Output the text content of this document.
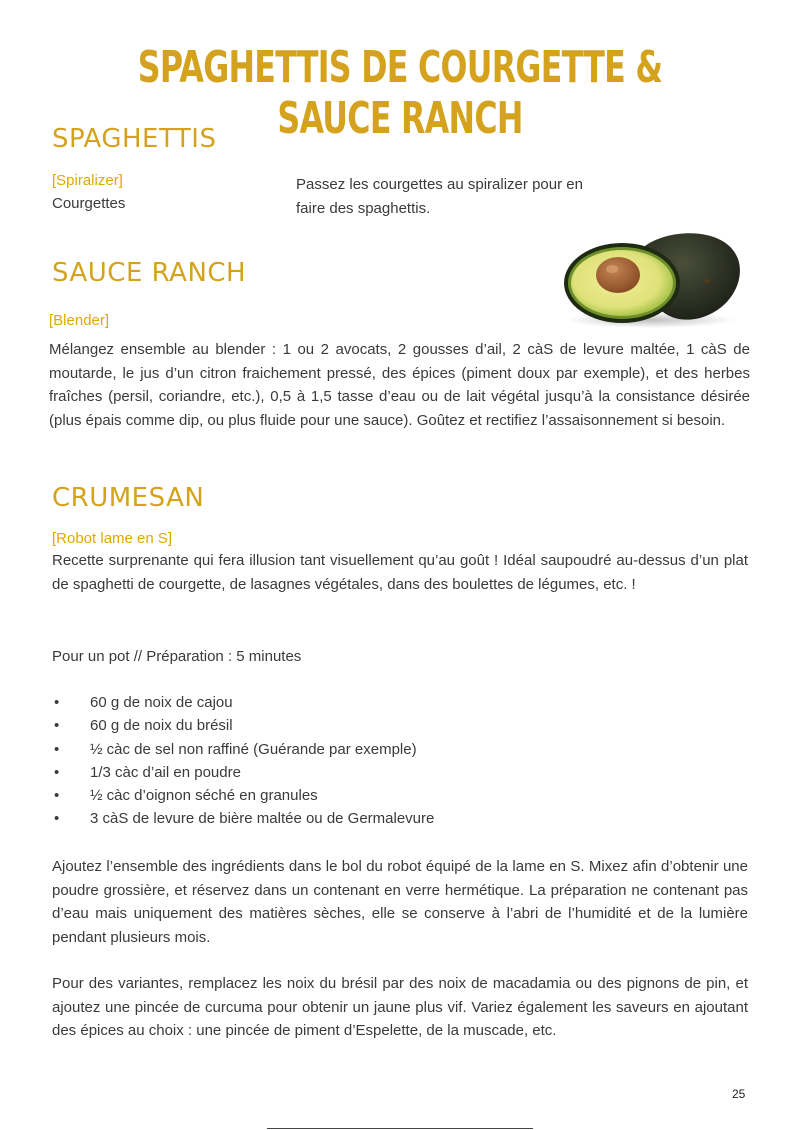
SPAGHETTIS DE COURGETTE & SAUCE RANCH
SPAGHETTIS

[Spiralizer]

Courgettes

Passez les courgettes au spiralizer pour en faire des spaghettis.

SAUCE RANCH

[Blender]

Mélangez ensemble au blender : 1 ou 2 avocats, 2 gousses d’ail, 2 càS de levure maltée, 1 càS de moutarde, le jus d’un citron fraichement pressé, des épices (piment doux par exemple), et des herbes fraîches (persil, coriandre, etc.), 0,5 à 1,5 tasse d’eau ou de lait végétal jusqu’à la consistance désirée (plus épais comme dip, ou plus fluide pour une sauce). Goûtez et rectifiez l’assaisonnement si besoin.

CRUMESAN

[Robot lame en S]

Recette surprenante qui fera illusion tant visuellement qu’au goût ! Idéal saupoudré au-dessus d’un plat de spaghetti de courgette, de lasagnes végétales, dans des boulettes de légumes, etc. !

Pour un pot // Préparation : 5 minutes

• 60 g de noix de cajou
• 60 g de noix du brésil
• ½ càc de sel non raffiné (Guérande par exemple)
• 1/3 càc d’ail en poudre
• ½ càc d’oignon séché en granules
• 3 càS de levure de bière maltée ou de Germalevure

Ajoutez l’ensemble des ingrédients dans le bol du robot équipé de la lame en S. Mixez afin d’obtenir une poudre grossière, et réservez dans un contenant en verre hermétique. La préparation ne contenant pas d’eau mais uniquement des matières sèches, elle se conserve à l’abri de l’humidité et de la lumière pendant plusieurs mois.

Pour des variantes, remplacez les noix du brésil par des noix de macadamia ou des pignons de pin, et ajoutez une pincée de curcuma pour obtenir un jaune plus vif. Variez également les saveurs en ajoutant des épices au choix : une pincée de piment d’Espelette, de la muscade, etc.

25
